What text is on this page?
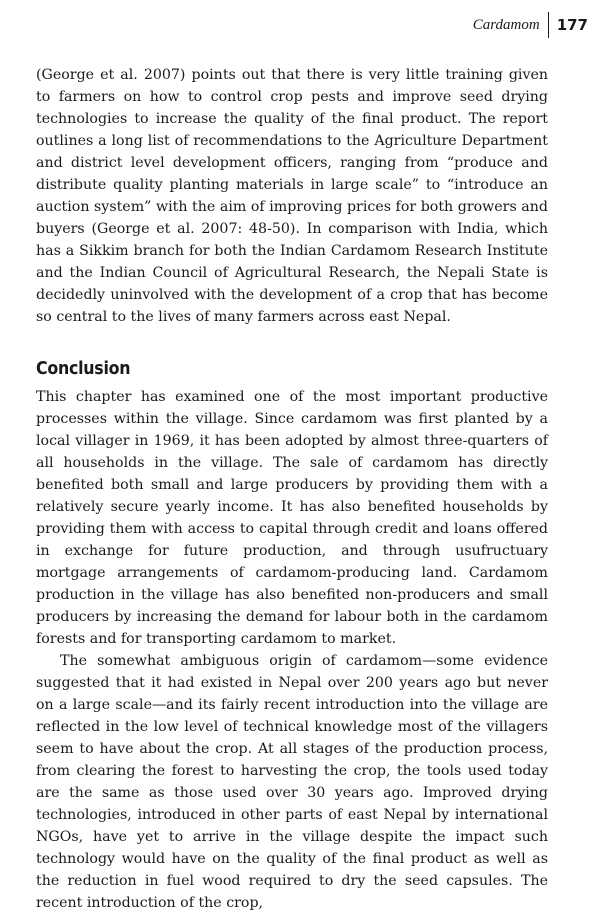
Cardamom	177

(George et al. 2007) points out that there is very little training given to farmers on how to control crop pests and improve seed drying technologies to increase the quality of the final product. The report outlines a long list of recommendations to the Agriculture Department and district level development officers, ranging from “produce and distribute quality planting materials in large scale” to “introduce an auction system” with the aim of improving prices for both growers and buyers (George et al. 2007: 48-50). In comparison with India, which has a Sikkim branch for both the Indian Cardamom Research Institute and the Indian Council of Agricultural Research, the Nepali State is decidedly uninvolved with the development of a crop that has become so central to the lives of many farmers across east Nepal.

Conclusion

This chapter has examined one of the most important productive processes within the village. Since cardamom was first planted by a local villager in 1969, it has been adopted by almost three-quarters of all households in the village. The sale of cardamom has directly benefited both small and large producers by providing them with a relatively secure yearly income. It has also benefited households by providing them with access to capital through credit and loans offered in exchange for future production, and through usufructuary mortgage arrangements of cardamom-producing land. Cardamom production in the village has also benefited non-producers and small producers by increasing the demand for labour both in the cardamom forests and for transporting cardamom to market.

The somewhat ambiguous origin of cardamom—some evidence suggested that it had existed in Nepal over 200 years ago but never on a large scale—and its fairly recent introduction into the village are reflected in the low level of technical knowledge most of the villagers seem to have about the crop. At all stages of the production process, from clearing the forest to harvesting the crop, the tools used today are the same as those used over 30 years ago. Improved drying technologies, introduced in other parts of east Nepal by international NGOs, have yet to arrive in the village despite the impact such technology would have on the quality of the final product as well as the reduction in fuel wood required to dry the seed capsules. The recent introduction of the crop,
